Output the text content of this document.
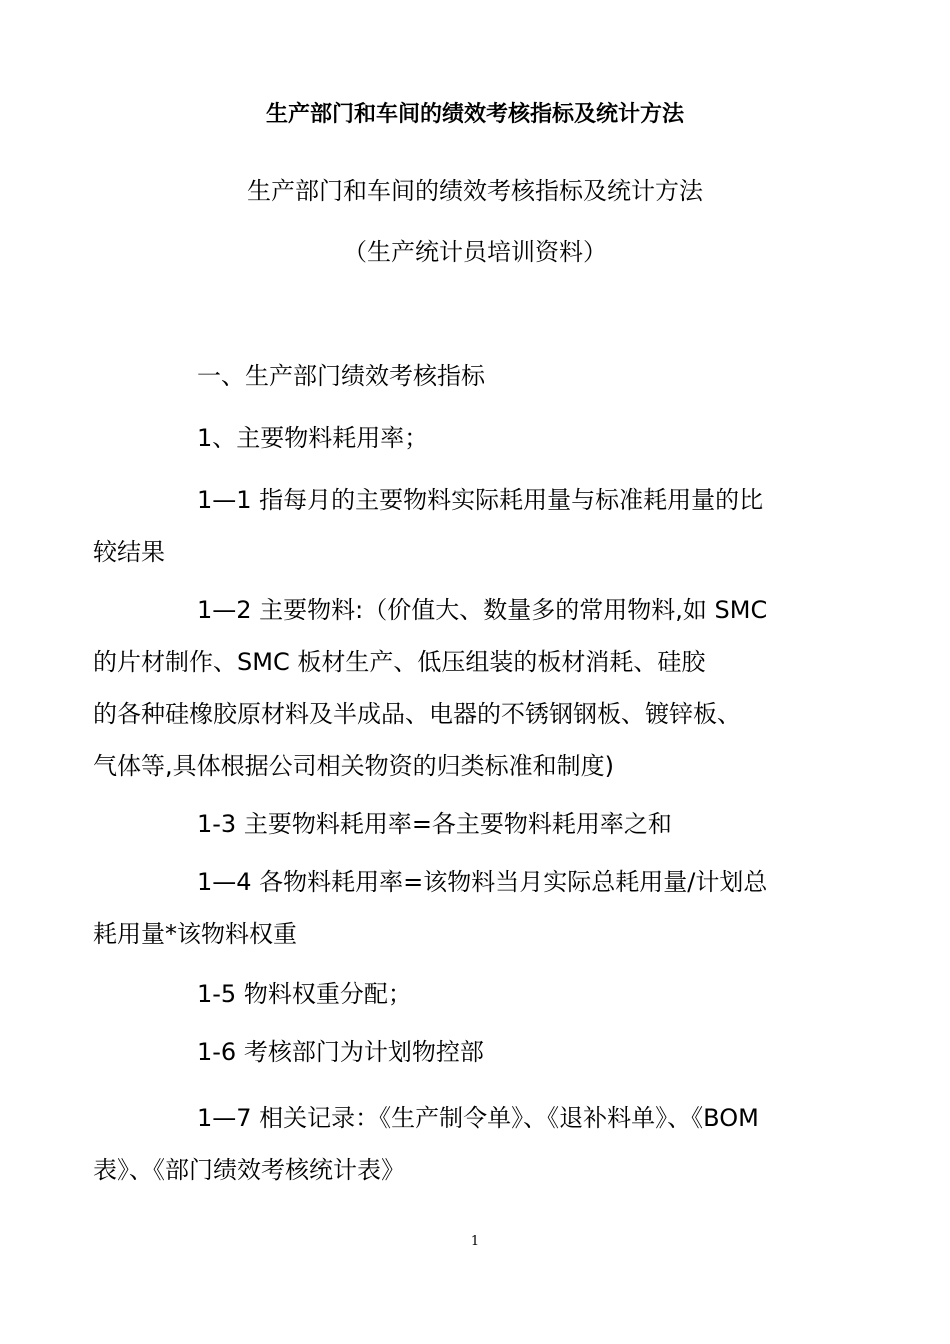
生产部门和车间的绩效考核指标及统计方法

生产部门和车间的绩效考核指标及统计方法

（生产统计员培训资料）

一、生产部门绩效考核指标

1、主要物料耗用率；

1—1 指每月的主要物料实际耗用量与标准耗用量的比
较结果

1—2 主要物料:（价值大、数量多的常用物料,如 SMC
的片材制作、SMC 板材生产、低压组装的板材消耗、硅胶
的各种硅橡胶原材料及半成品、电器的不锈钢钢板、镀锌板、
气体等,具体根据公司相关物资的归类标准和制度)

1-3 主要物料耗用率=各主要物料耗用率之和

1—4 各物料耗用率=该物料当月实际总耗用量/计划总
耗用量*该物料权重

1-5 物料权重分配；

1-6 考核部门为计划物控部

1—7 相关记录：《生产制令单》、《退补料单》、《BOM
表》、《部门绩效考核统计表》

1
